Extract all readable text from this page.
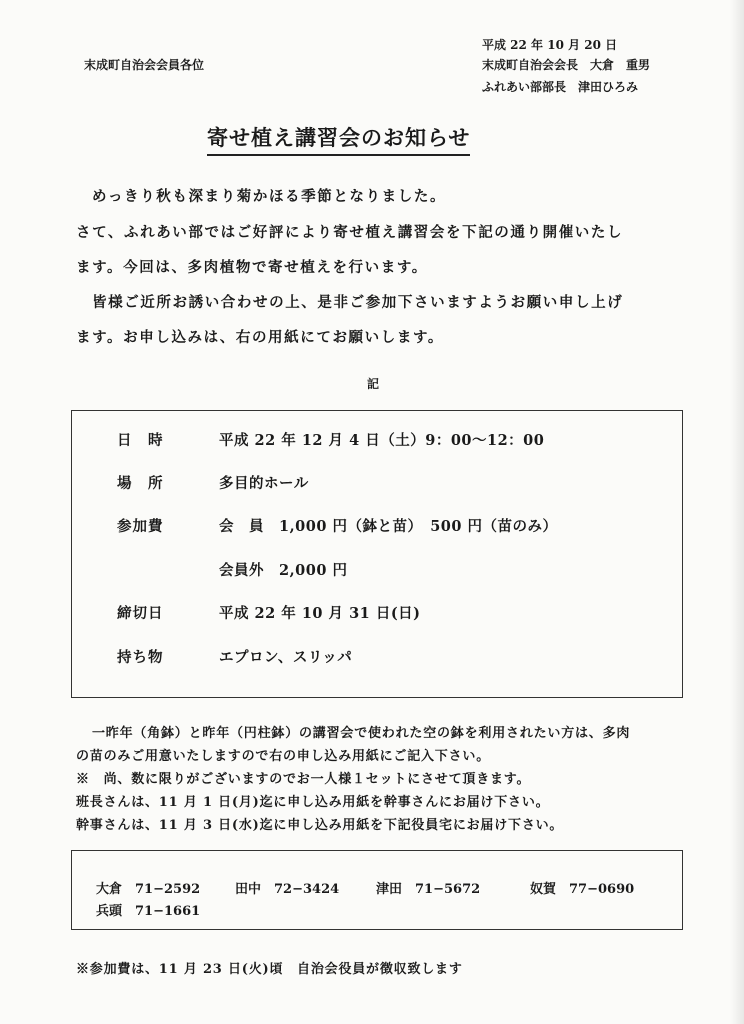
末成町自治会会員各位
平成 22 年 10 月 20 日
末成町自治会会長　大倉　重男
ふれあい部部長　津田ひろみ
寄せ植え講習会のお知らせ
めっきり秋も深まり菊かほる季節となりました。
さて、ふれあい部ではご好評により寄せ植え講習会を下記の通り開催いたし
ます。今回は、多肉植物で寄せ植えを行います。
皆様ご近所お誘い合わせの上、是非ご参加下さいますようお願い申し上げ
ます。お申し込みは、右の用紙にてお願いします。
記
日　時	平成 22 年 12 月 4 日（土）9：00〜12：00
場　所	多目的ホール
参加費	会　員　1,000 円（鉢と苗）　500 円（苗のみ）
会員外　2,000 円
締切日	平成 22 年 10 月 31 日(日)
持ち物	エプロン、スリッパ
一昨年（角鉢）と昨年（円柱鉢）の講習会で使われた空の鉢を利用されたい方は、多肉
の苗のみご用意いたしますので右の申し込み用紙にご記入下さい。
※　尚、数に限りがございますのでお一人様１セットにさせて頂きます。
班長さんは、11 月 1 日(月)迄に申し込み用紙を幹事さんにお届け下さい。
幹事さんは、11 月 3 日(水)迄に申し込み用紙を下記役員宅にお届け下さい。
大倉　71−2592	田中　72−3424	津田　71−5672	奴賀　77−0690
兵頭　71−1661
※参加費は、11 月 23 日(火)頃　自治会役員が徴収致します
